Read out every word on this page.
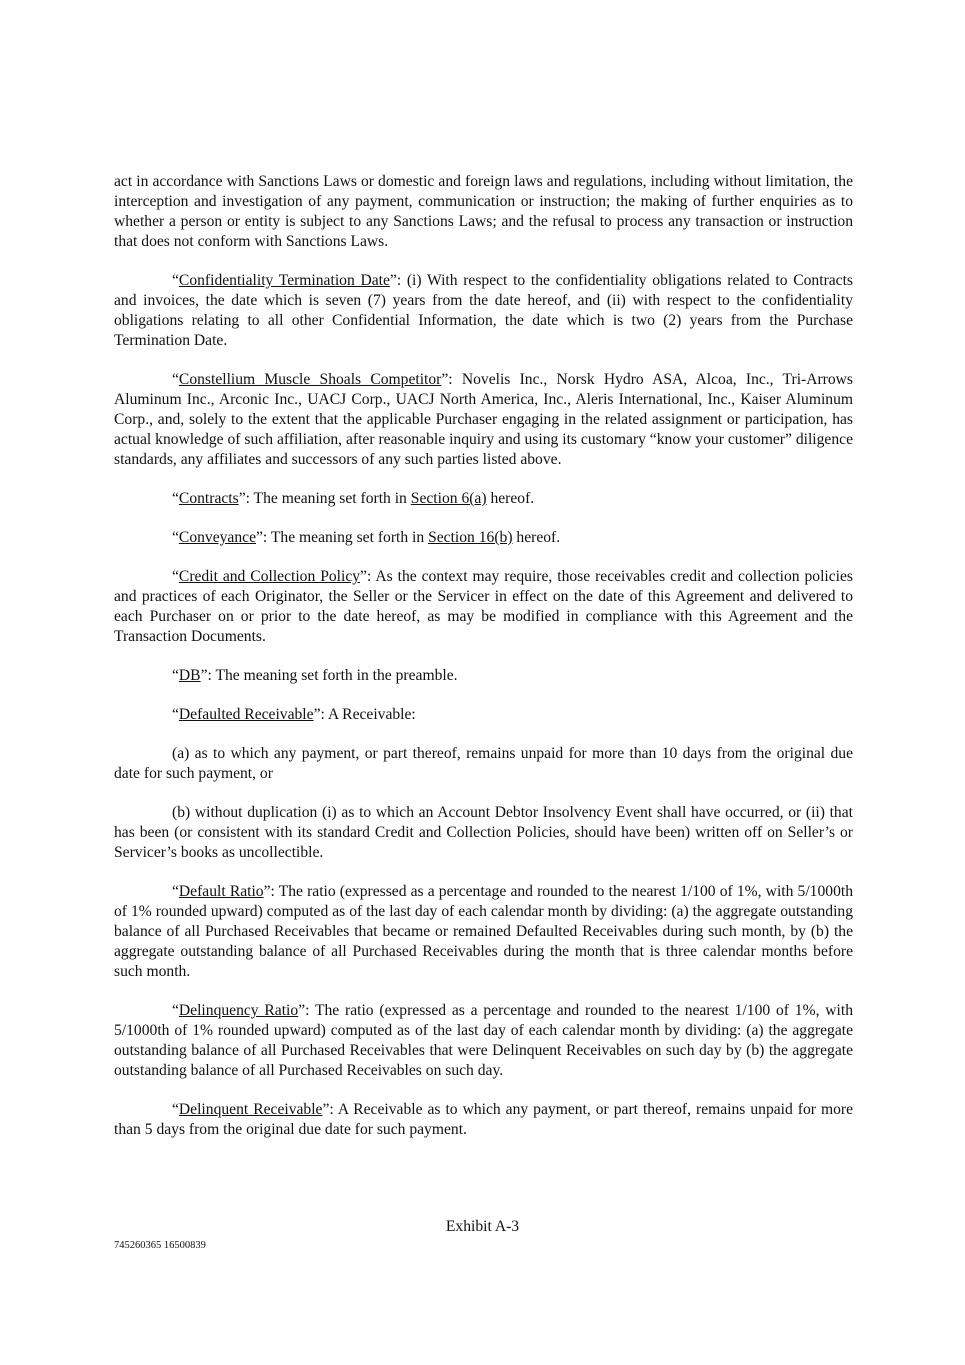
act in accordance with Sanctions Laws or domestic and foreign laws and regulations, including without limitation, the interception and investigation of any payment, communication or instruction; the making of further enquiries as to whether a person or entity is subject to any Sanctions Laws; and the refusal to process any transaction or instruction that does not conform with Sanctions Laws.

“Confidentiality Termination Date”: (i) With respect to the confidentiality obligations related to Contracts and invoices, the date which is seven (7) years from the date hereof, and (ii) with respect to the confidentiality obligations relating to all other Confidential Information, the date which is two (2) years from the Purchase Termination Date.

“Constellium Muscle Shoals Competitor”: Novelis Inc., Norsk Hydro ASA, Alcoa, Inc., Tri-Arrows Aluminum Inc., Arconic Inc., UACJ Corp., UACJ North America, Inc., Aleris International, Inc., Kaiser Aluminum Corp., and, solely to the extent that the applicable Purchaser engaging in the related assignment or participation, has actual knowledge of such affiliation, after reasonable inquiry and using its customary “know your customer” diligence standards, any affiliates and successors of any such parties listed above.

“Contracts”: The meaning set forth in Section 6(a) hereof.

“Conveyance”: The meaning set forth in Section 16(b) hereof.

“Credit and Collection Policy”: As the context may require, those receivables credit and collection policies and practices of each Originator, the Seller or the Servicer in effect on the date of this Agreement and delivered to each Purchaser on or prior to the date hereof, as may be modified in compliance with this Agreement and the Transaction Documents.

“DB”: The meaning set forth in the preamble.

“Defaulted Receivable”: A Receivable:

(a) as to which any payment, or part thereof, remains unpaid for more than 10 days from the original due date for such payment, or

(b) without duplication (i) as to which an Account Debtor Insolvency Event shall have occurred, or (ii) that has been (or consistent with its standard Credit and Collection Policies, should have been) written off on Seller’s or Servicer’s books as uncollectible.

“Default Ratio”: The ratio (expressed as a percentage and rounded to the nearest 1/100 of 1%, with 5/1000th of 1% rounded upward) computed as of the last day of each calendar month by dividing: (a) the aggregate outstanding balance of all Purchased Receivables that became or remained Defaulted Receivables during such month, by (b) the aggregate outstanding balance of all Purchased Receivables during the month that is three calendar months before such month.

“Delinquency Ratio”: The ratio (expressed as a percentage and rounded to the nearest 1/100 of 1%, with 5/1000th of 1% rounded upward) computed as of the last day of each calendar month by dividing: (a) the aggregate outstanding balance of all Purchased Receivables that were Delinquent Receivables on such day by (b) the aggregate outstanding balance of all Purchased Receivables on such day.

“Delinquent Receivable”: A Receivable as to which any payment, or part thereof, remains unpaid for more than 5 days from the original due date for such payment.

Exhibit A-3
745260365 16500839
